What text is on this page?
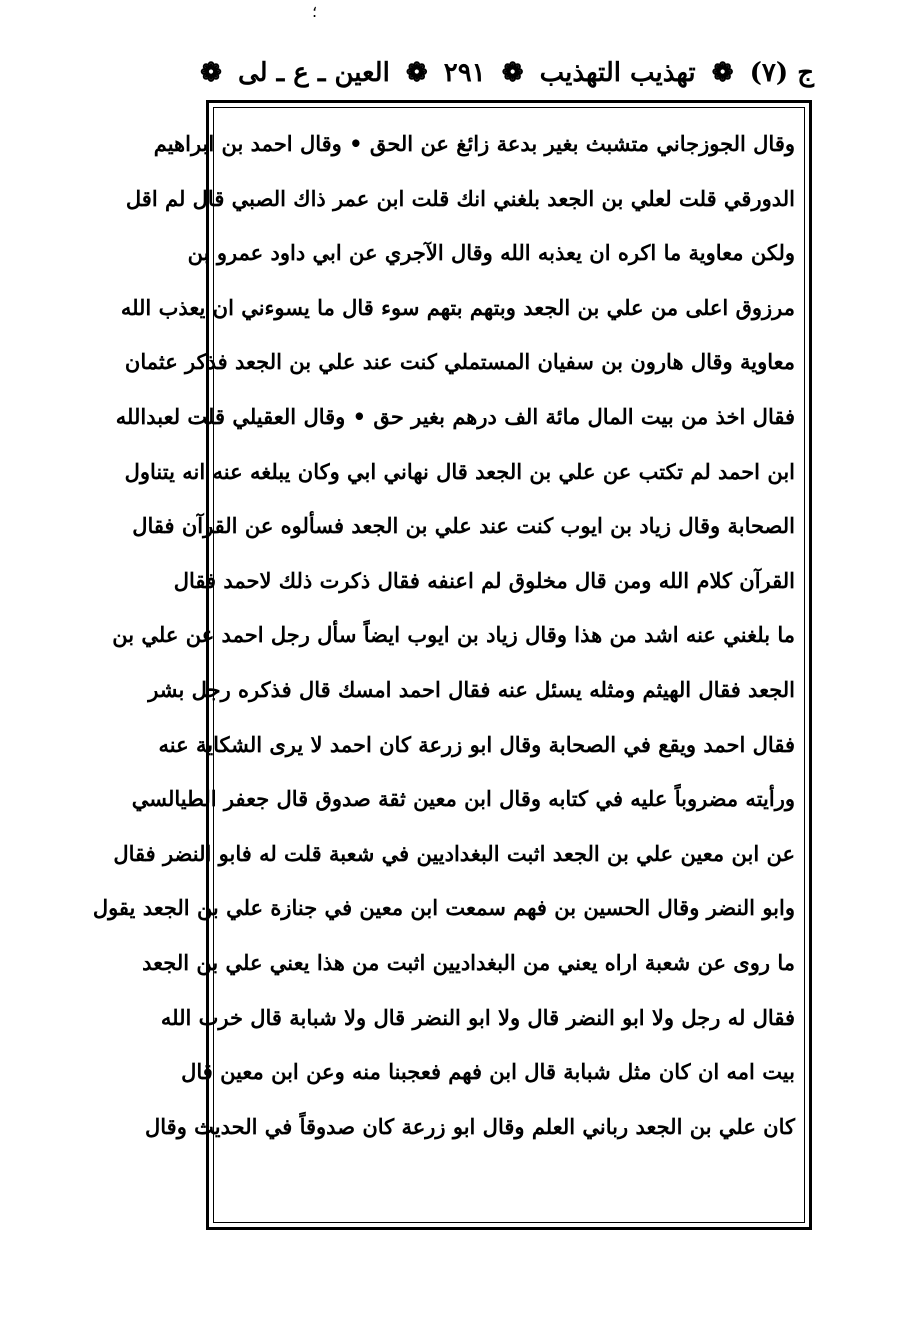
؛
ج (٧)
❁
تهذيب التهذيب
❁
٢٩١
❁
العين ـ ع ـ لى
❁
وقال الجوزجاني متشبث بغير بدعة زائغ عن الحق • وقال احمد بن ابراهيم
الدورقي قلت لعلي بن الجعد بلغني انك قلت ابن عمر ذاك الصبي قال لم اقل
ولكن معاوية ما اكره ان يعذبه الله وقال الآجري عن ابي داود عمرو بن
مرزوق اعلى من علي بن الجعد وبتهم بتهم سوء قال ما يسوءني ان يعذب الله
معاوية وقال هارون بن سفيان المستملي كنت عند علي بن الجعد فذكر عثمان
فقال اخذ من بيت المال مائة الف درهم بغير حق • وقال العقيلي قلت لعبدالله
ابن احمد لم تكتب عن علي بن الجعد قال نهاني ابي وكان يبلغه عنه انه يتناول
الصحابة وقال زياد بن ايوب كنت عند علي بن الجعد فسألوه عن القرآن فقال
القرآن كلام الله ومن قال مخلوق لم اعنفه فقال ذكرت ذلك لاحمد فقال
ما بلغني عنه اشد من هذا وقال زياد بن ايوب ايضاً سأل رجل احمد عن علي بن
الجعد فقال الهيثم ومثله يسئل عنه فقال احمد امسك قال فذكره رجل بشر
فقال احمد ويقع في الصحابة وقال ابو زرعة كان احمد لا يرى الشكاية عنه
ورأيته مضروباً عليه في كتابه وقال ابن معين ثقة صدوق قال جعفر الطيالسي
عن ابن معين علي بن الجعد اثبت البغداديين في شعبة قلت له فابو النضر فقال
وابو النضر وقال الحسين بن فهم سمعت ابن معين في جنازة علي بن الجعد يقول
ما روى عن شعبة اراه يعني من البغداديين اثبت من هذا يعني علي بن الجعد
فقال له رجل ولا ابو النضر قال ولا ابو النضر قال ولا شبابة قال خرب الله
بيت امه ان كان مثل شبابة قال ابن فهم فعجبنا منه وعن ابن معين قال
كان علي بن الجعد رباني العلم وقال ابو زرعة كان صدوقاً في الحديث وقال
